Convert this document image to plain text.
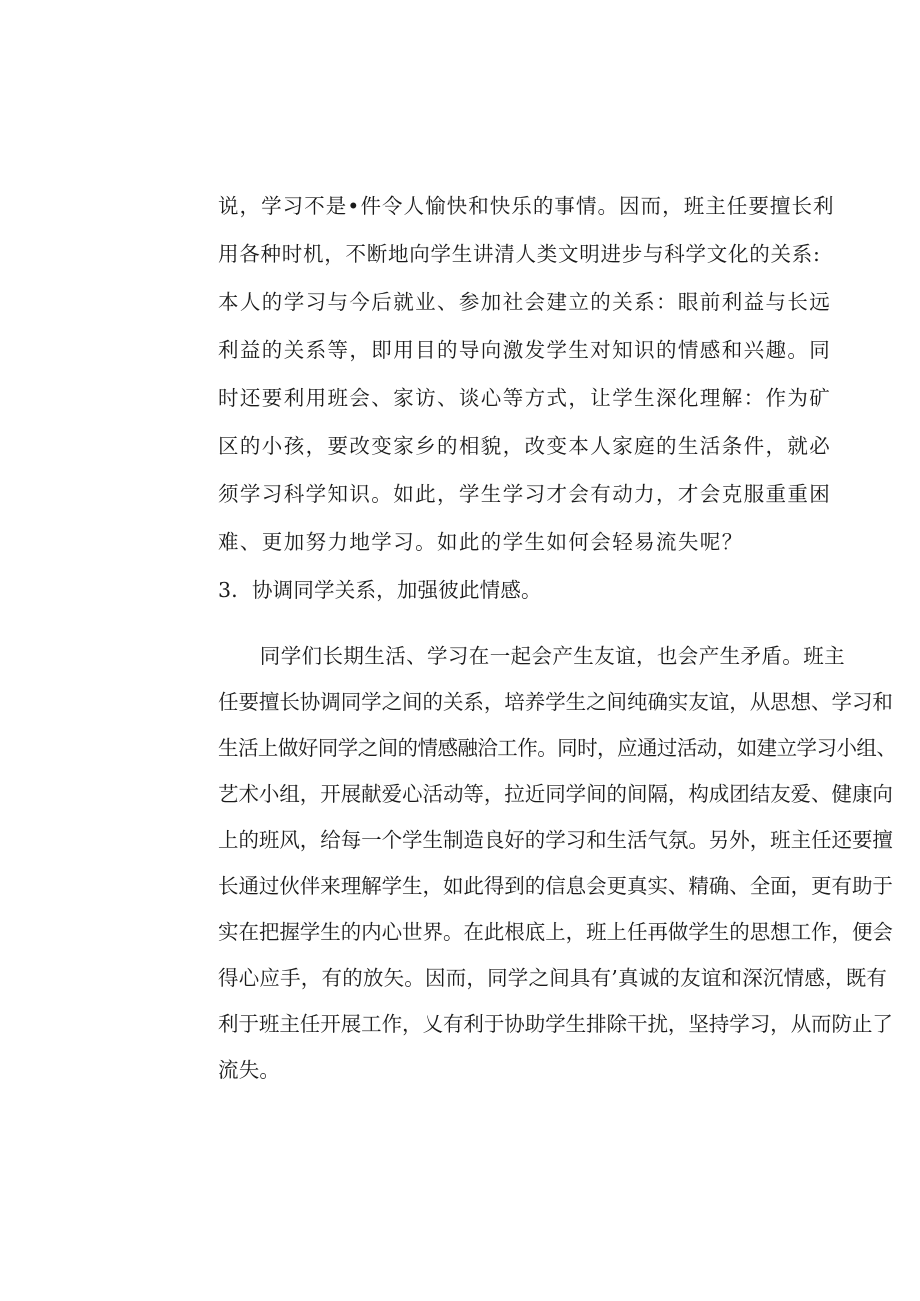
说，学习不是•件令人愉快和快乐的事情。因而，班主任要擅长利
用各种时机，不断地向学生讲清人类文明进步与科学文化的关系:
本人的学习与今后就业、参加社会建立的关系：眼前利益与长远
利益的关系等，即用目的导向激发学生对知识的情感和兴趣。同
时还要利用班会、家访、谈心等方式，让学生深化理解：作为矿
区的小孩，要改变家乡的相貌，改变本人家庭的生活条件，就必
须学习科学知识。如此，学生学习才会有动力，才会克服重重困
难、更加努力地学习。如此的学生如何会轻易流失呢？
3．协调同学关系，加强彼此情感。
　　同学们长期生活、学习在一起会产生友谊，也会产生矛盾。班主
任要擅长协调同学之间的关系，培养学生之间纯确实友谊，从思想、学习和
生活上做好同学之间的情感融洽工作。同时，应通过活动，如建立学习小组、
艺术小组，开展献爱心活动等，拉近同学间的间隔，构成团结友爱、健康向
上的班风，给每一个学生制造良好的学习和生活气氛。另外，班主任还要擅
长通过伙伴来理解学生，如此得到的信息会更真实、精确、全面，更有助于
实在把握学生的内心世界。在此根底上，班上任再做学生的思想工作，便会
得心应手，有的放矢。因而，同学之间具有’真诚的友谊和深沉情感，既有
利于班主任开展工作，乂有利于协助学生排除干扰，坚持学习，从而防止了
流失。
